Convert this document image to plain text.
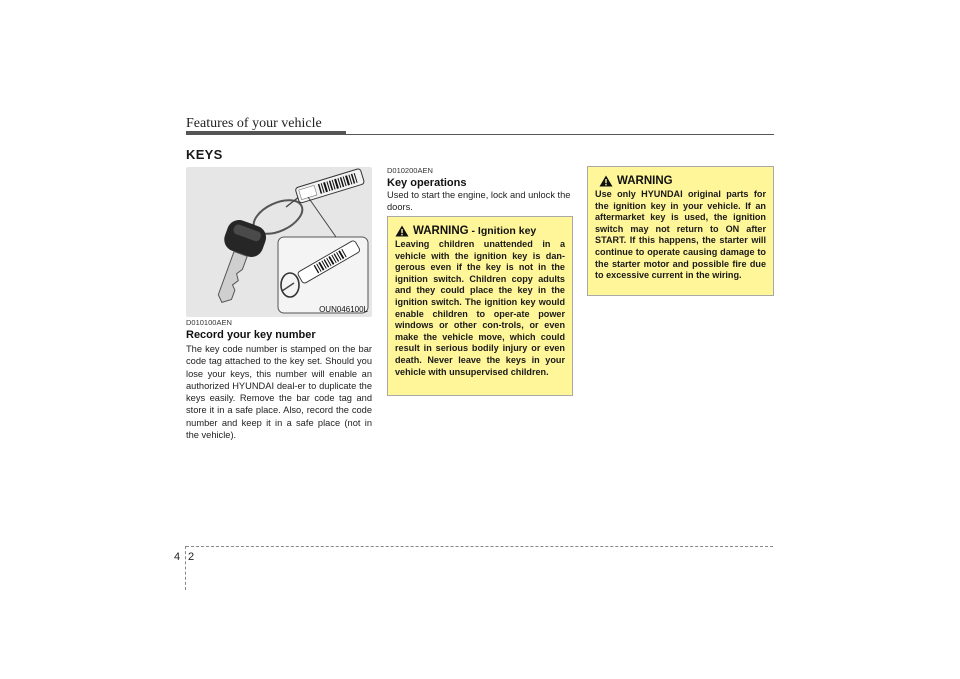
Features of your vehicle
KEYS
OUN046100L
D010100AEN
Record your key number
The key code number is stamped on the bar code tag attached to the key set. Should you lose your keys, this number will enable an authorized HYUNDAI deal-er to duplicate the keys easily. Remove the bar code tag and store it in a safe place. Also, record the code number and keep it in a safe place (not in the vehicle).
D010200AEN
Key operations
Used to start the engine, lock and unlock the doors.
WARNING - Ignition key
Leaving children unattended in a vehicle with the ignition key is dan-gerous even if the key is not in the ignition switch. Children copy adults and they could place the key in the ignition switch. The ignition key would enable children to oper-ate power windows or other con-trols, or even make the vehicle move, which could result in serious bodily injury or even death. Never leave the keys in your vehicle with unsupervised children.
WARNING
Use only HYUNDAI original parts for the ignition key in your vehicle. If an aftermarket key is used, the ignition switch may not return to ON after START. If this happens, the starter will continue to operate causing damage to the starter motor and possible fire due to excessive current in the wiring.
4 2
